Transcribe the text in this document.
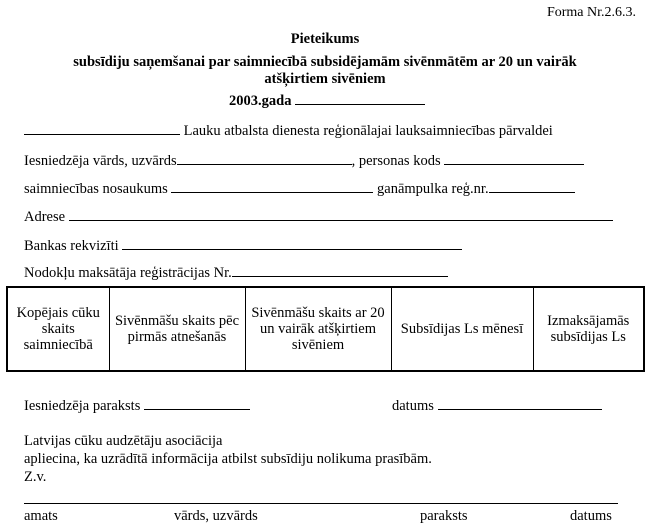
Forma Nr.2.6.3.
Pieteikums
subsīdiju saņemšanai par saimniecībā subsidējamām sivēnmātēm ar 20 un vairāk
atšķirtiem sivēniem
2003.gada
Lauku atbalsta dienesta reģionālajai lauksaimniecības pārvaldei
Iesniedzēja vārds, uzvārds	, personas kods
saimniecības nosaukums	ganāmpulka reģ.nr.
Adrese
Bankas rekvizīti
Nodokļu maksātāja reģistrācijas Nr.
Kopējais cūku skaits saimniecībā	Sivēnmāšu skaits pēc pirmās atnešanās	Sivēnmāšu skaits ar 20 un vairāk atšķirtiem sivēniem	Subsīdijas Ls mēnesī	Izmaksājamās subsīdijas Ls
Iesniedzēja paraksts	datums
Latvijas cūku audzētāju asociācija
apliecina, ka uzrādītā informācija atbilst subsīdiju nolikuma prasībām.
Z.v.
amats	vārds, uzvārds	paraksts	datums
